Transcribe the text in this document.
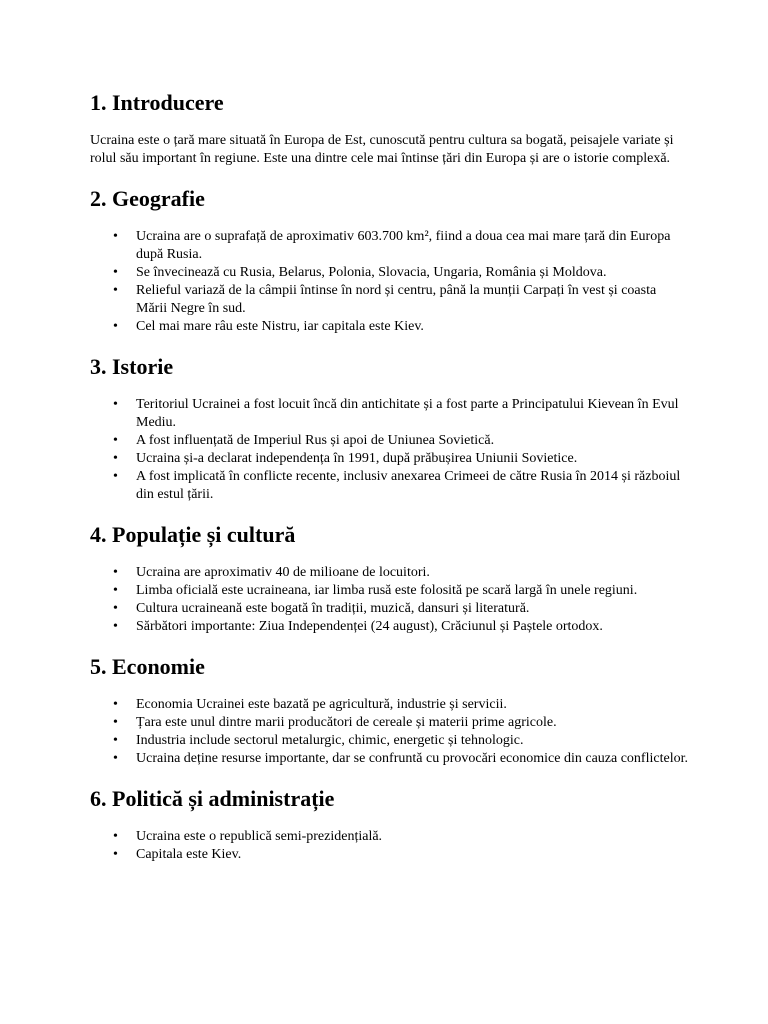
1. Introducere

Ucraina este o țară mare situată în Europa de Est, cunoscută pentru cultura sa bogată, peisajele variate și rolul său important în regiune. Este una dintre cele mai întinse țări din Europa și are o istorie complexă.

2. Geografie
• Ucraina are o suprafață de aproximativ 603.700 km², fiind a doua cea mai mare țară din Europa după Rusia.
• Se învecinează cu Rusia, Belarus, Polonia, Slovacia, Ungaria, România și Moldova.
• Relieful variază de la câmpii întinse în nord și centru, până la munții Carpați în vest și coasta Mării Negre în sud.
• Cel mai mare râu este Nistru, iar capitala este Kiev.
3. Istorie
• Teritoriul Ucrainei a fost locuit încă din antichitate și a fost parte a Principatului Kievean în Evul Mediu.
• A fost influențată de Imperiul Rus și apoi de Uniunea Sovietică.
• Ucraina și-a declarat independența în 1991, după prăbușirea Uniunii Sovietice.
• A fost implicată în conflicte recente, inclusiv anexarea Crimeei de către Rusia în 2014 și războiul din estul țării.
4. Populație și cultură
• Ucraina are aproximativ 40 de milioane de locuitori.
• Limba oficială este ucraineana, iar limba rusă este folosită pe scară largă în unele regiuni.
• Cultura ucraineană este bogată în tradiții, muzică, dansuri și literatură.
• Sărbători importante: Ziua Independenței (24 august), Crăciunul și Paștele ortodox.
5. Economie
• Economia Ucrainei este bazată pe agricultură, industrie și servicii.
• Țara este unul dintre marii producători de cereale și materii prime agricole.
• Industria include sectorul metalurgic, chimic, energetic și tehnologic.
• Ucraina deține resurse importante, dar se confruntă cu provocări economice din cauza conflictelor.
6. Politică și administrație
• Ucraina este o republică semi-prezidențială.
• Capitala este Kiev.
